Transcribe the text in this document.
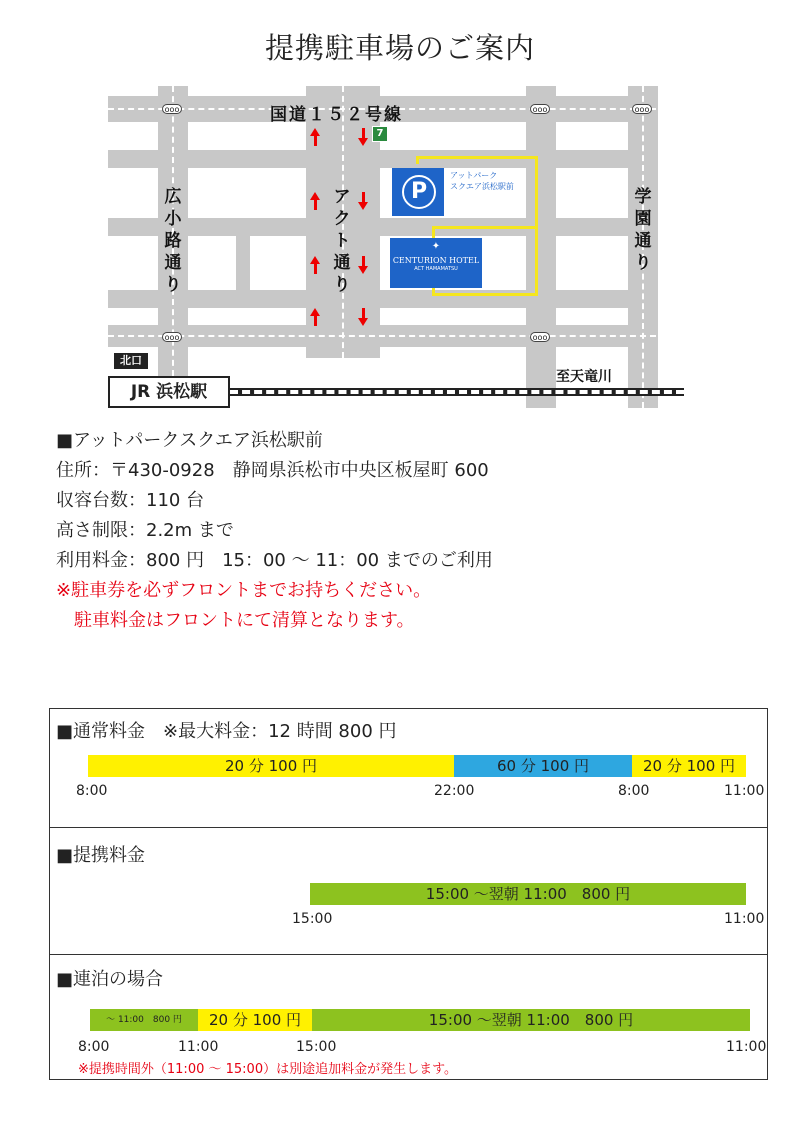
提携駐車場のご案内
ooo	ooo	ooo
ooo	ooo
国道１５２号線
広小路通り
アクト通り
学園通り
7
P
アットパーク
スクエア浜松駅前
✦
CENTURION HOTEL
ACT HAMAMATSU
北口
JR 浜松駅
至天竜川
■アットパークスクエア浜松駅前
住所：〒430-0928　静岡県浜松市中央区板屋町 600
収容台数：110 台
高さ制限：2.2m まで
利用料金：800 円　15：00 〜 11：00 までのご利用
※駐車券を必ずフロントまでお持ちください。
　駐車料金はフロントにて清算となります。
■通常料金　※最大料金：12 時間 800 円
20 分 100 円	60 分 100 円	20 分 100 円
8:00	22:00	8:00	11:00
■提携料金
15:00 〜翌朝 11:00　800 円
15:00	11:00
■連泊の場合
〜 11:00　800 円	20 分 100 円	15:00 〜翌朝 11:00　800 円
8:00	11:00	15:00	11:00
※提携時間外（11:00 〜 15:00）は別途追加料金が発生します。
